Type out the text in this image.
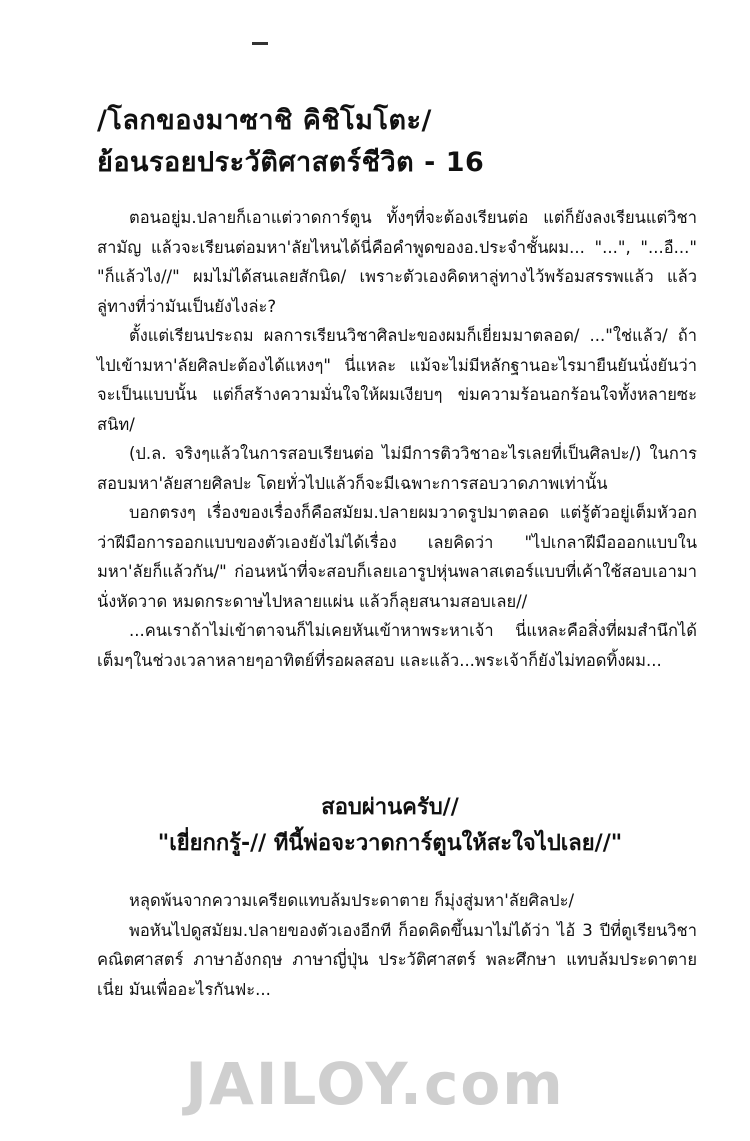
/โลกของมาซาชิ คิชิโมโตะ/
ย้อนรอยประวัติศาสตร์ชีวิต - 16

ตอนอยู่ม.ปลายก็เอาแต่วาดการ์ตูน ทั้งๆที่จะต้องเรียนต่อ แต่ก็ยังลงเรียนแต่วิชาสามัญ แล้วจะเรียนต่อมหา'ลัยไหนได้นี่คือคำพูดของอ.ประจำชั้นผม... "...", "...อื..." "ก็แล้วไง//" ผมไม่ได้สนเลยสักนิด/ เพราะตัวเองคิดหาลู่ทางไว้พร้อมสรรพแล้ว แล้วลู่ทางที่ว่ามันเป็นยังไงล่ะ?

ตั้งแต่เรียนประถม ผลการเรียนวิชาศิลปะของผมก็เยี่ยมมาตลอด/ ..."ใช่แล้ว/ ถ้าไปเข้ามหา'ลัยศิลปะต้องได้แหงๆ" นี่แหละ แม้จะไม่มีหลักฐานอะไรมายืนยันนั่งยันว่าจะเป็นแบบนั้น แต่ก็สร้างความมั่นใจให้ผมเงียบๆ ข่มความร้อนอกร้อนใจทั้งหลายซะสนิท/

(ป.ล. จริงๆแล้วในการสอบเรียนต่อ ไม่มีการติววิชาอะไรเลยที่เป็นศิลปะ/) ในการสอบมหา'ลัยสายศิลปะ โดยทั่วไปแล้วก็จะมีเฉพาะการสอบวาดภาพเท่านั้น

บอกตรงๆ เรื่องของเรื่องก็คือสมัยม.ปลายผมวาดรูปมาตลอด แต่รู้ตัวอยู่เต็มหัวอกว่าฝีมือการออกแบบของตัวเองยังไม่ได้เรื่อง เลยคิดว่า "ไปเกลาฝีมือออกแบบในมหา'ลัยก็แล้วกัน/" ก่อนหน้าที่จะสอบก็เลยเอารูปหุ่นพลาสเตอร์แบบที่เค้าใช้สอบเอามานั่งหัดวาด หมดกระดาษไปหลายแผ่น แล้วก็ลุยสนามสอบเลย//

...คนเราถ้าไม่เข้าตาจนก็ไม่เคยหันเข้าหาพระหาเจ้า นี่แหละคือสิ่งที่ผมสำนึกได้เต็มๆในช่วงเวลาหลายๆอาทิตย์ที่รอผลสอบ และแล้ว...พระเจ้าก็ยังไม่ทอดทิ้งผม...

สอบผ่านครับ//
"เยี่ยกกรู้-// ทีนี้พ่อจะวาดการ์ตูนให้สะใจไปเลย//"

หลุดพ้นจากความเครียดแทบล้มประดาตาย ก็มุ่งสู่มหา'ลัยศิลปะ/

พอหันไปดูสมัยม.ปลายของตัวเองอีกที ก็อดคิดขึ้นมาไม่ได้ว่า ไอ้ 3 ปีที่ตูเรียนวิชาคณิตศาสตร์ ภาษาอังกฤษ ภาษาญี่ปุ่น ประวัติศาสตร์ พละศึกษา แทบล้มประดาตายเนี่ย มันเพื่ออะไรกันฟะ...

JAILOY.com
